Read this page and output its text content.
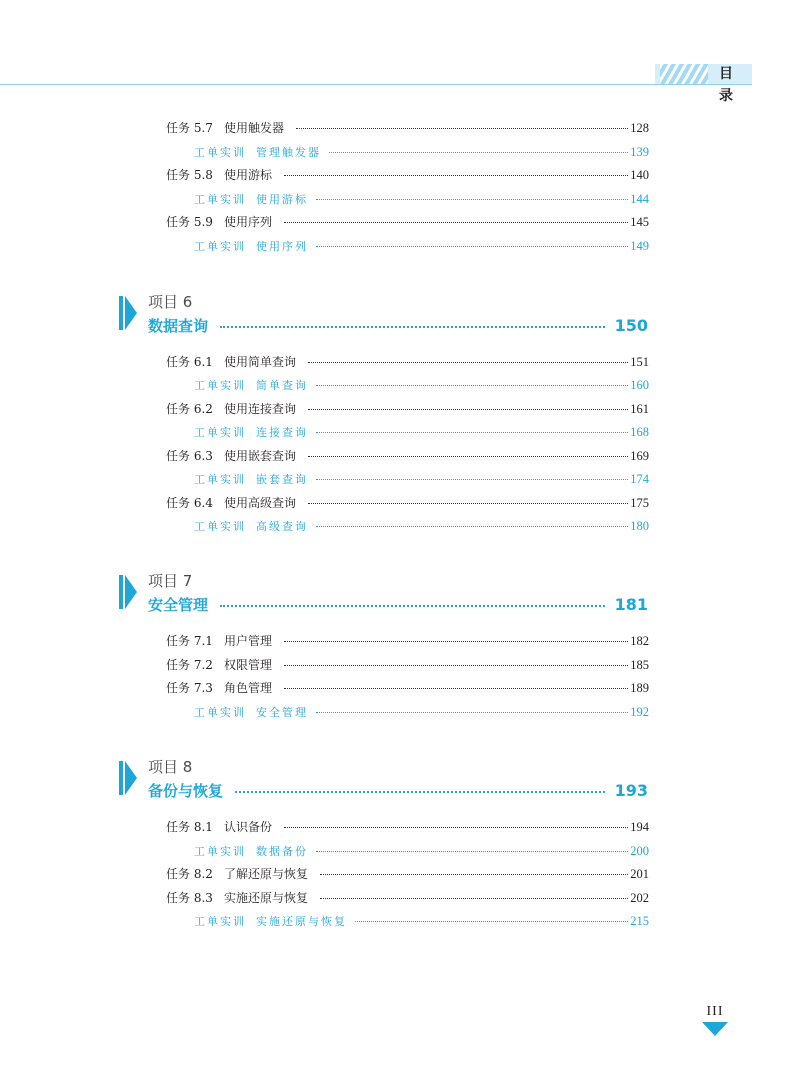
目 录
任务 5.7 使用触发器	128
工单实训 管理触发器	139
任务 5.8 使用游标	140
工单实训 使用游标	144
任务 5.9 使用序列	145
工单实训 使用序列	149
项目 6
数据查询	150
任务 6.1 使用简单查询	151
工单实训 简单查询	160
任务 6.2 使用连接查询	161
工单实训 连接查询	168
任务 6.3 使用嵌套查询	169
工单实训 嵌套查询	174
任务 6.4 使用高级查询	175
工单实训 高级查询	180
项目 7
安全管理	181
任务 7.1 用户管理	182
任务 7.2 权限管理	185
任务 7.3 角色管理	189
工单实训 安全管理	192
项目 8
备份与恢复	193
任务 8.1 认识备份	194
工单实训 数据备份	200
任务 8.2 了解还原与恢复	201
任务 8.3 实施还原与恢复	202
工单实训 实施还原与恢复	215
III
